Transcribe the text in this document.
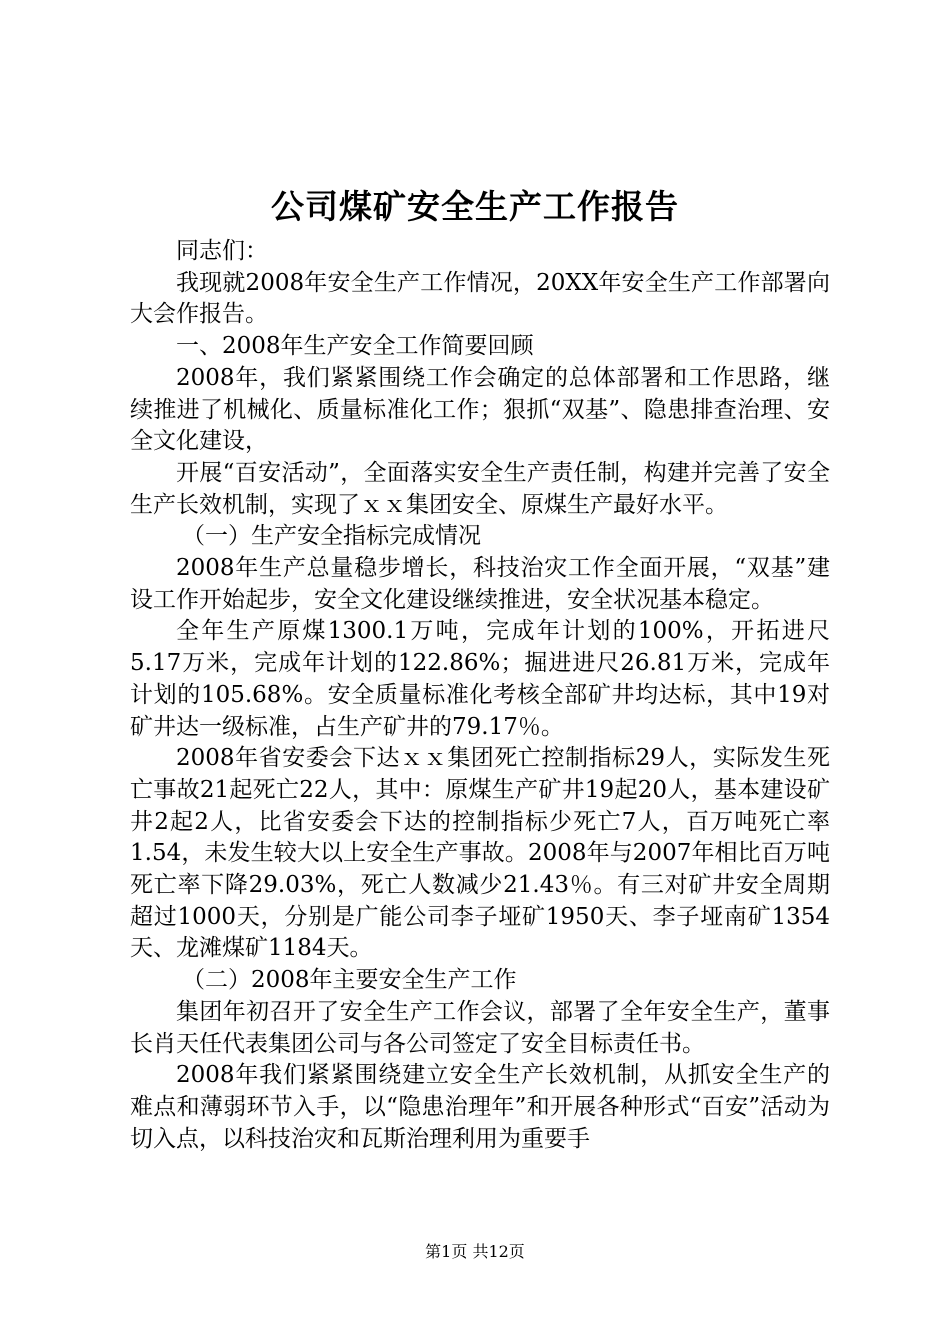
公司煤矿安全生产工作报告

同志们：

我现就2008年安全生产工作情况，20XX年安全生产工作部署向大会作报告。

一、2008年生产安全工作简要回顾

2008年，我们紧紧围绕工作会确定的总体部署和工作思路，继续推进了机械化、质量标准化工作；狠抓“双基”、隐患排查治理、安全文化建设，

开展“百安活动”，全面落实安全生产责任制，构建并完善了安全生产长效机制，实现了ｘｘ集团安全、原煤生产最好水平。

（一）生产安全指标完成情况

2008年生产总量稳步增长，科技治灾工作全面开展，“双基”建设工作开始起步，安全文化建设继续推进，安全状况基本稳定。

全年生产原煤1300.1万吨，完成年计划的100%，开拓进尺5.17万米，完成年计划的122.86%；掘进进尺26.81万米，完成年计划的105.68%。安全质量标准化考核全部矿井均达标，其中19对矿井达一级标准，占生产矿井的79.17％。

2008年省安委会下达ｘｘ集团死亡控制指标29人，实际发生死亡事故21起死亡22人，其中：原煤生产矿井19起20人，基本建设矿井2起2人，比省安委会下达的控制指标少死亡7人，百万吨死亡率1.54，未发生较大以上安全生产事故。2008年与2007年相比百万吨死亡率下降29.03%，死亡人数减少21.43％。有三对矿井安全周期超过1000天，分别是广能公司李子垭矿1950天、李子垭南矿1354天、龙滩煤矿1184天。

（二）2008年主要安全生产工作

集团年初召开了安全生产工作会议，部署了全年安全生产，董事长肖天任代表集团公司与各公司签定了安全目标责任书。

2008年我们紧紧围绕建立安全生产长效机制，从抓安全生产的难点和薄弱环节入手，以“隐患治理年”和开展各种形式“百安”活动为切入点，以科技治灾和瓦斯治理利用为重要手

第1页 共12页
